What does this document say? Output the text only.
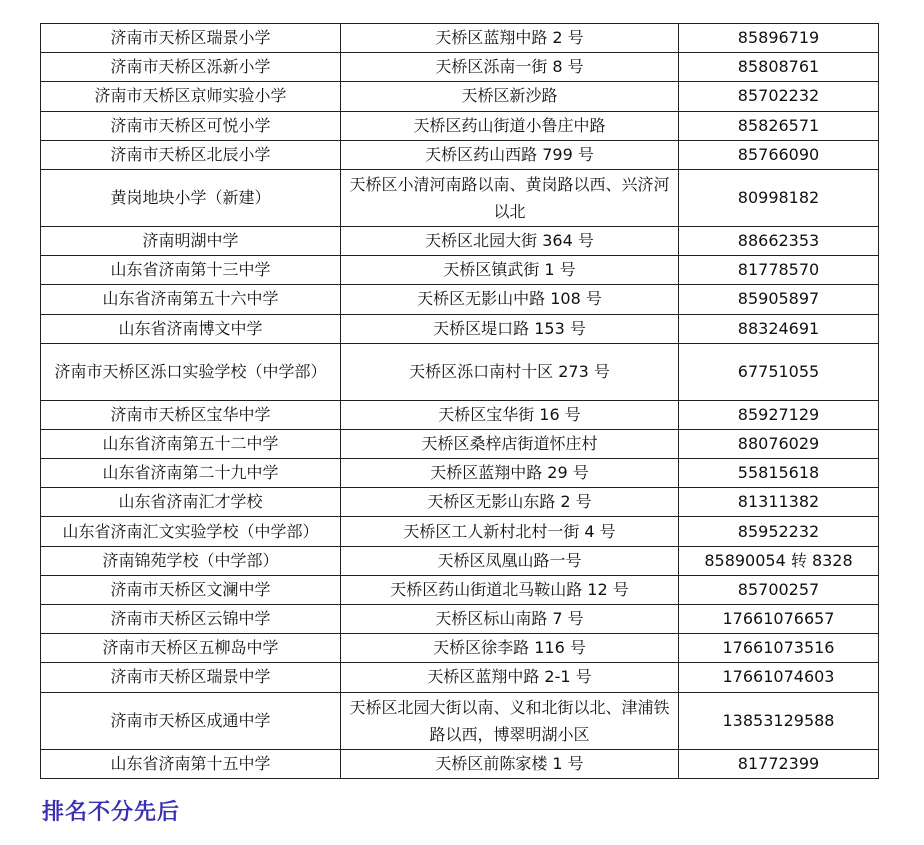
济南市天桥区瑞景小学	天桥区蓝翔中路 2 号	85896719
济南市天桥区泺新小学	天桥区泺南一街 8 号	85808761
济南市天桥区京师实验小学	天桥区新沙路	85702232
济南市天桥区可悦小学	天桥区药山街道小鲁庄中路	85826571
济南市天桥区北辰小学	天桥区药山西路 799 号	85766090
黄岗地块小学（新建）	天桥区小清河南路以南、黄岗路以西、兴济河以北	80998182
济南明湖中学	天桥区北园大街 364 号	88662353
山东省济南第十三中学	天桥区镇武街 1 号	81778570
山东省济南第五十六中学	天桥区无影山中路 108 号	85905897
山东省济南博文中学	天桥区堤口路 153 号	88324691
济南市天桥区泺口实验学校（中学部）	天桥区泺口南村十区 273 号	67751055
济南市天桥区宝华中学	天桥区宝华街 16 号	85927129
山东省济南第五十二中学	天桥区桑梓店街道怀庄村	88076029
山东省济南第二十九中学	天桥区蓝翔中路 29 号	55815618
山东省济南汇才学校	天桥区无影山东路 2 号	81311382
山东省济南汇文实验学校（中学部）	天桥区工人新村北村一街 4 号	85952232
济南锦苑学校（中学部）	天桥区凤凰山路一号	85890054 转 8328
济南市天桥区文澜中学	天桥区药山街道北马鞍山路 12 号	85700257
济南市天桥区云锦中学	天桥区标山南路 7 号	17661076657
济南市天桥区五柳岛中学	天桥区徐李路 116 号	17661073516
济南市天桥区瑞景中学	天桥区蓝翔中路 2-1 号	17661074603
济南市天桥区成通中学	天桥区北园大街以南、义和北街以北、津浦铁路以西，博翠明湖小区	13853129588
山东省济南第十五中学	天桥区前陈家楼 1 号	81772399
排名不分先后
